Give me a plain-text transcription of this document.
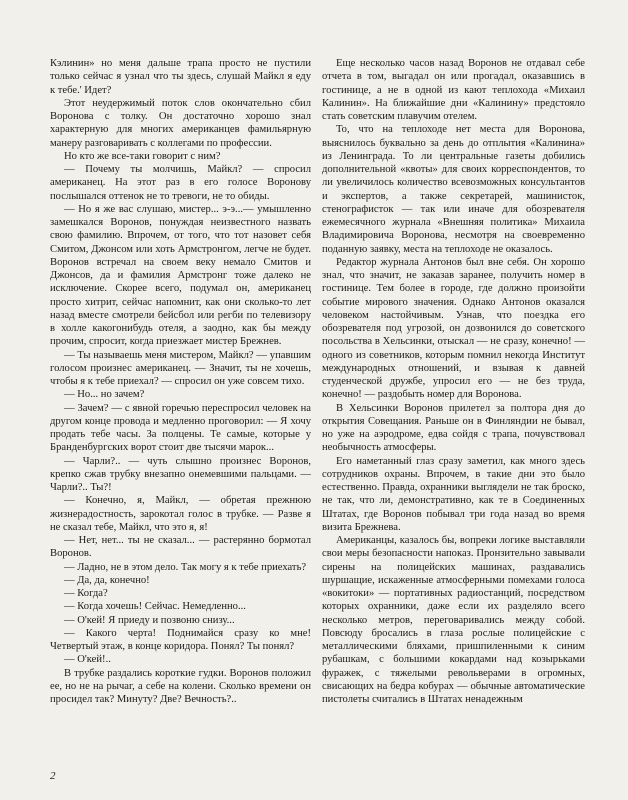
Кэлинин» но меня дальше трапа просто не пустили только сейчас я узнал что ты здесь, слушай Майкл я еду к тебе.' Идет?

Этот неудержимый поток слов окончательно сбил Воронова с толку. Он достаточно хорошо знал характерную для многих американцев фамильярную манеру разговаривать с коллегами по профессии.

Но кто же все-таки говорит с ним?

— Почему ты молчишь, Майкл? — спросил американец. На этот раз в его голосе Воронову послышался оттенок не то тревоги, не то обиды.

— Но я же вас слушаю, мистер... э-э...— умышленно замешкался Воронов, понуждая неизвестного назвать свою фамилию. Впрочем, от того, что тот назовет себя Смитом, Джонсом или хоть Армстронгом, легче не будет. Воронов встречал на своем веку немало Смитов и Джонсов, да и фамилия Армстронг тоже далеко не исключение. Скорее всего, подумал он, американец просто хитрит, сейчас напомнит, как они сколько-то лет назад вместе смотрели бейсбол или регби по телевизору в холле какогонибудь отеля, а заодно, как бы между прочим, спросит, когда приезжает мистер Брежнев.

— Ты называешь меня мистером, Майкл? — упавшим голосом произнес американец. — Значит, ты не хочешь, чтобы я к тебе приехал? — спросил он уже совсем тихо.

— Но... но зачем?

— Зачем? — с явной горечью переспросил человек на другом конце провода и медленно проговорил: — Я хочу продать тебе часы. За полцены. Те самые, которые у Бранденбургских ворот стоит две тысячи марок...

— Чарли?.. — чуть слышно произнес Воронов, крепко сжав трубку внезапно онемевшими пальцами. — Чарли?.. Ты?!

— Конечно, я, Майкл, — обретая прежнюю жизнерадостность, зарокотал голос в трубке. — Разве я не сказал тебе, Майкл, что это я, я!

— Нет, нет... ты не сказал... — растерянно бормотал Воронов.

— Ладно, не в этом дело. Так могу я к тебе приехать?

— Да, да, конечно!

— Когда?

— Когда хочешь! Сейчас. Немедленно...

— О'кей! Я приеду и позвоню снизу...

— Какого черта! Поднимайся сразу ко мне! Четвертый этаж, в конце коридора. Понял? Ты понял?

— О'кей!..

В трубке раздались короткие гудки. Воронов положил ее, но не на рычаг, а себе на колени. Сколько времени он просидел так? Минуту? Две? Вечность?..

Еще несколько часов назад Воронов не отдавал себе отчета в том, выгадал он или прогадал, оказавшись в гостинице, а не в одной из кают теплохода «Михаил Калинин». На ближайшие дни «Калинину» предстояло стать советским плавучим отелем.

То, что на теплоходе нет места для Воронова, выяснилось буквально за день до отплытия «Калинина» из Ленинграда. То ли центральные газеты добились дополнительной «квоты» для своих корреспондентов, то ли увеличилось количество всевозможных консультантов и экспертов, а также секретарей, машинисток, стенографисток — так или иначе для обозревателя ежемесячного журнала «Внешняя политика» Михаила Владимировича Воронова, несмотря на своевременно поданную заявку, места на теплоходе не оказалось.

Редактор журнала Антонов был вне себя. Он хорошо знал, что значит, не заказав заранее, получить номер в гостинице. Тем более в городе, где должно произойти событие мирового значения. Однако Антонов оказался человеком настойчивым. Узнав, что поездка его обозревателя под угрозой, он дозвонился до советского посольства в Хельсинки, отыскал — не сразу, конечно! — одного из советников, которым помнил некогда Институт международных отношений, и взывая к давней студенческой дружбе, упросил его — не без труда, конечно! — раздобыть номер для Воронова.

В Хельсинки Воронов прилетел за полтора дня до открытия Совещания. Раньше он в Финляндии не бывал, но уже на аэродроме, едва сойдя с трапа, почувствовал необычность атмосферы.

Его наметанный глаз сразу заметил, как много здесь сотрудников охраны. Впрочем, в такие дни это было естественно. Правда, охранники выглядели не так броско, не так, что ли, демонстративно, как те в Соединенных Штатах, где Воронов побывал три года назад во время визита Брежнева.

Американцы, казалось бы, вопреки логике выставляли свои меры безопасности напоказ. Пронзительно завывали сирены на полицейских машинах, раздавались шуршащие, искаженные атмосферными помехами голоса «вокитоки» — портативных радиостанций, посредством которых охранники, даже если их разделяло всего несколько метров, переговаривались между собой. Повсюду бросались в глаза рослые полицейские с металлическими бляхами, пришпиленными к синим рубашкам, с большими кокардами над козырьками фуражек, с тяжелыми револьверами в огромных, свисающих на бедра кобурах — обычные автоматические пистолеты считались в Штатах ненадежным

2
